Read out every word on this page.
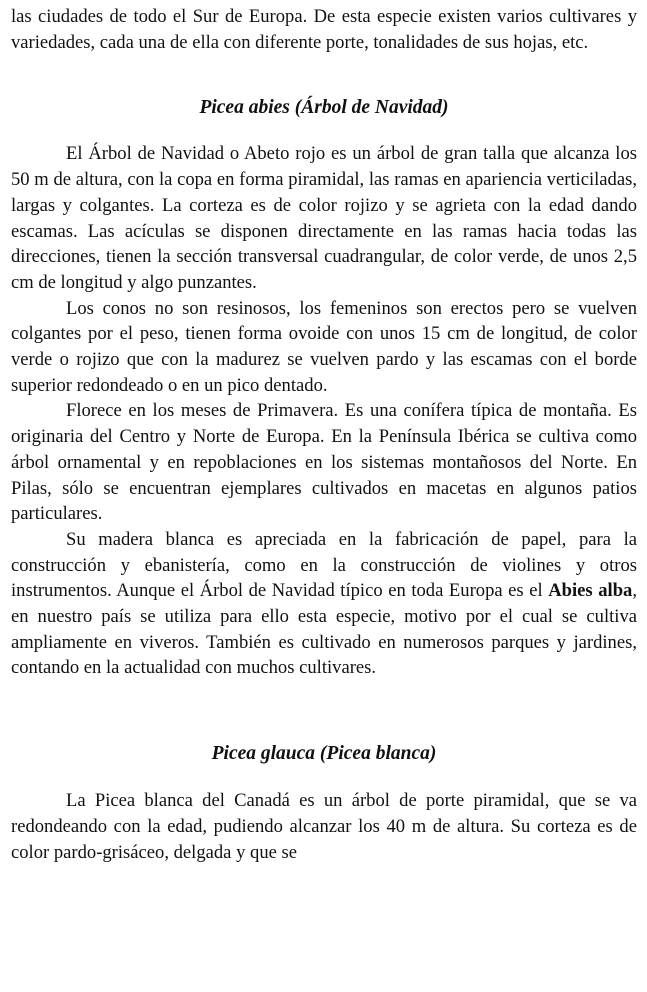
las ciudades de todo el Sur de Europa. De esta especie existen varios cultivares y variedades, cada una de ella con diferente porte, tonalidades de sus hojas, etc.

Picea abies (Árbol de Navidad)

El Árbol de Navidad o Abeto rojo es un árbol de gran talla que alcanza los 50 m de altura, con la copa en forma piramidal, las ramas en apariencia verticiladas, largas y colgantes. La corteza es de color rojizo y se agrieta con la edad dando escamas. Las acículas se disponen directamente en las ramas hacia todas las direcciones, tienen la sección transversal cuadrangular, de color verde, de unos 2,5 cm de longitud y algo punzantes.

Los conos no son resinosos, los femeninos son erectos pero se vuelven colgantes por el peso, tienen forma ovoide con unos 15 cm de longitud, de color verde o rojizo que con la madurez se vuelven pardo y las escamas con el borde superior redondeado o en un pico dentado.

Florece en los meses de Primavera. Es una conífera típica de montaña. Es originaria del Centro y Norte de Europa. En la Península Ibérica se cultiva como árbol ornamental y en repoblaciones en los sistemas montañosos del Norte. En Pilas, sólo se encuentran ejemplares cultivados en macetas en algunos patios particulares.

Su madera blanca es apreciada en la fabricación de papel, para la construcción y ebanistería, como en la construcción de violines y otros instrumentos. Aunque el Árbol de Navidad típico en toda Europa es el Abies alba, en nuestro país se utiliza para ello esta especie, motivo por el cual se cultiva ampliamente en viveros. También es cultivado en numerosos parques y jardines, contando en la actualidad con muchos cultivares.

Picea glauca (Picea blanca)

La Picea blanca del Canadá es un árbol de porte piramidal, que se va redondeando con la edad, pudiendo alcanzar los 40 m de altura. Su corteza es de color pardo-grisáceo, delgada y que se
